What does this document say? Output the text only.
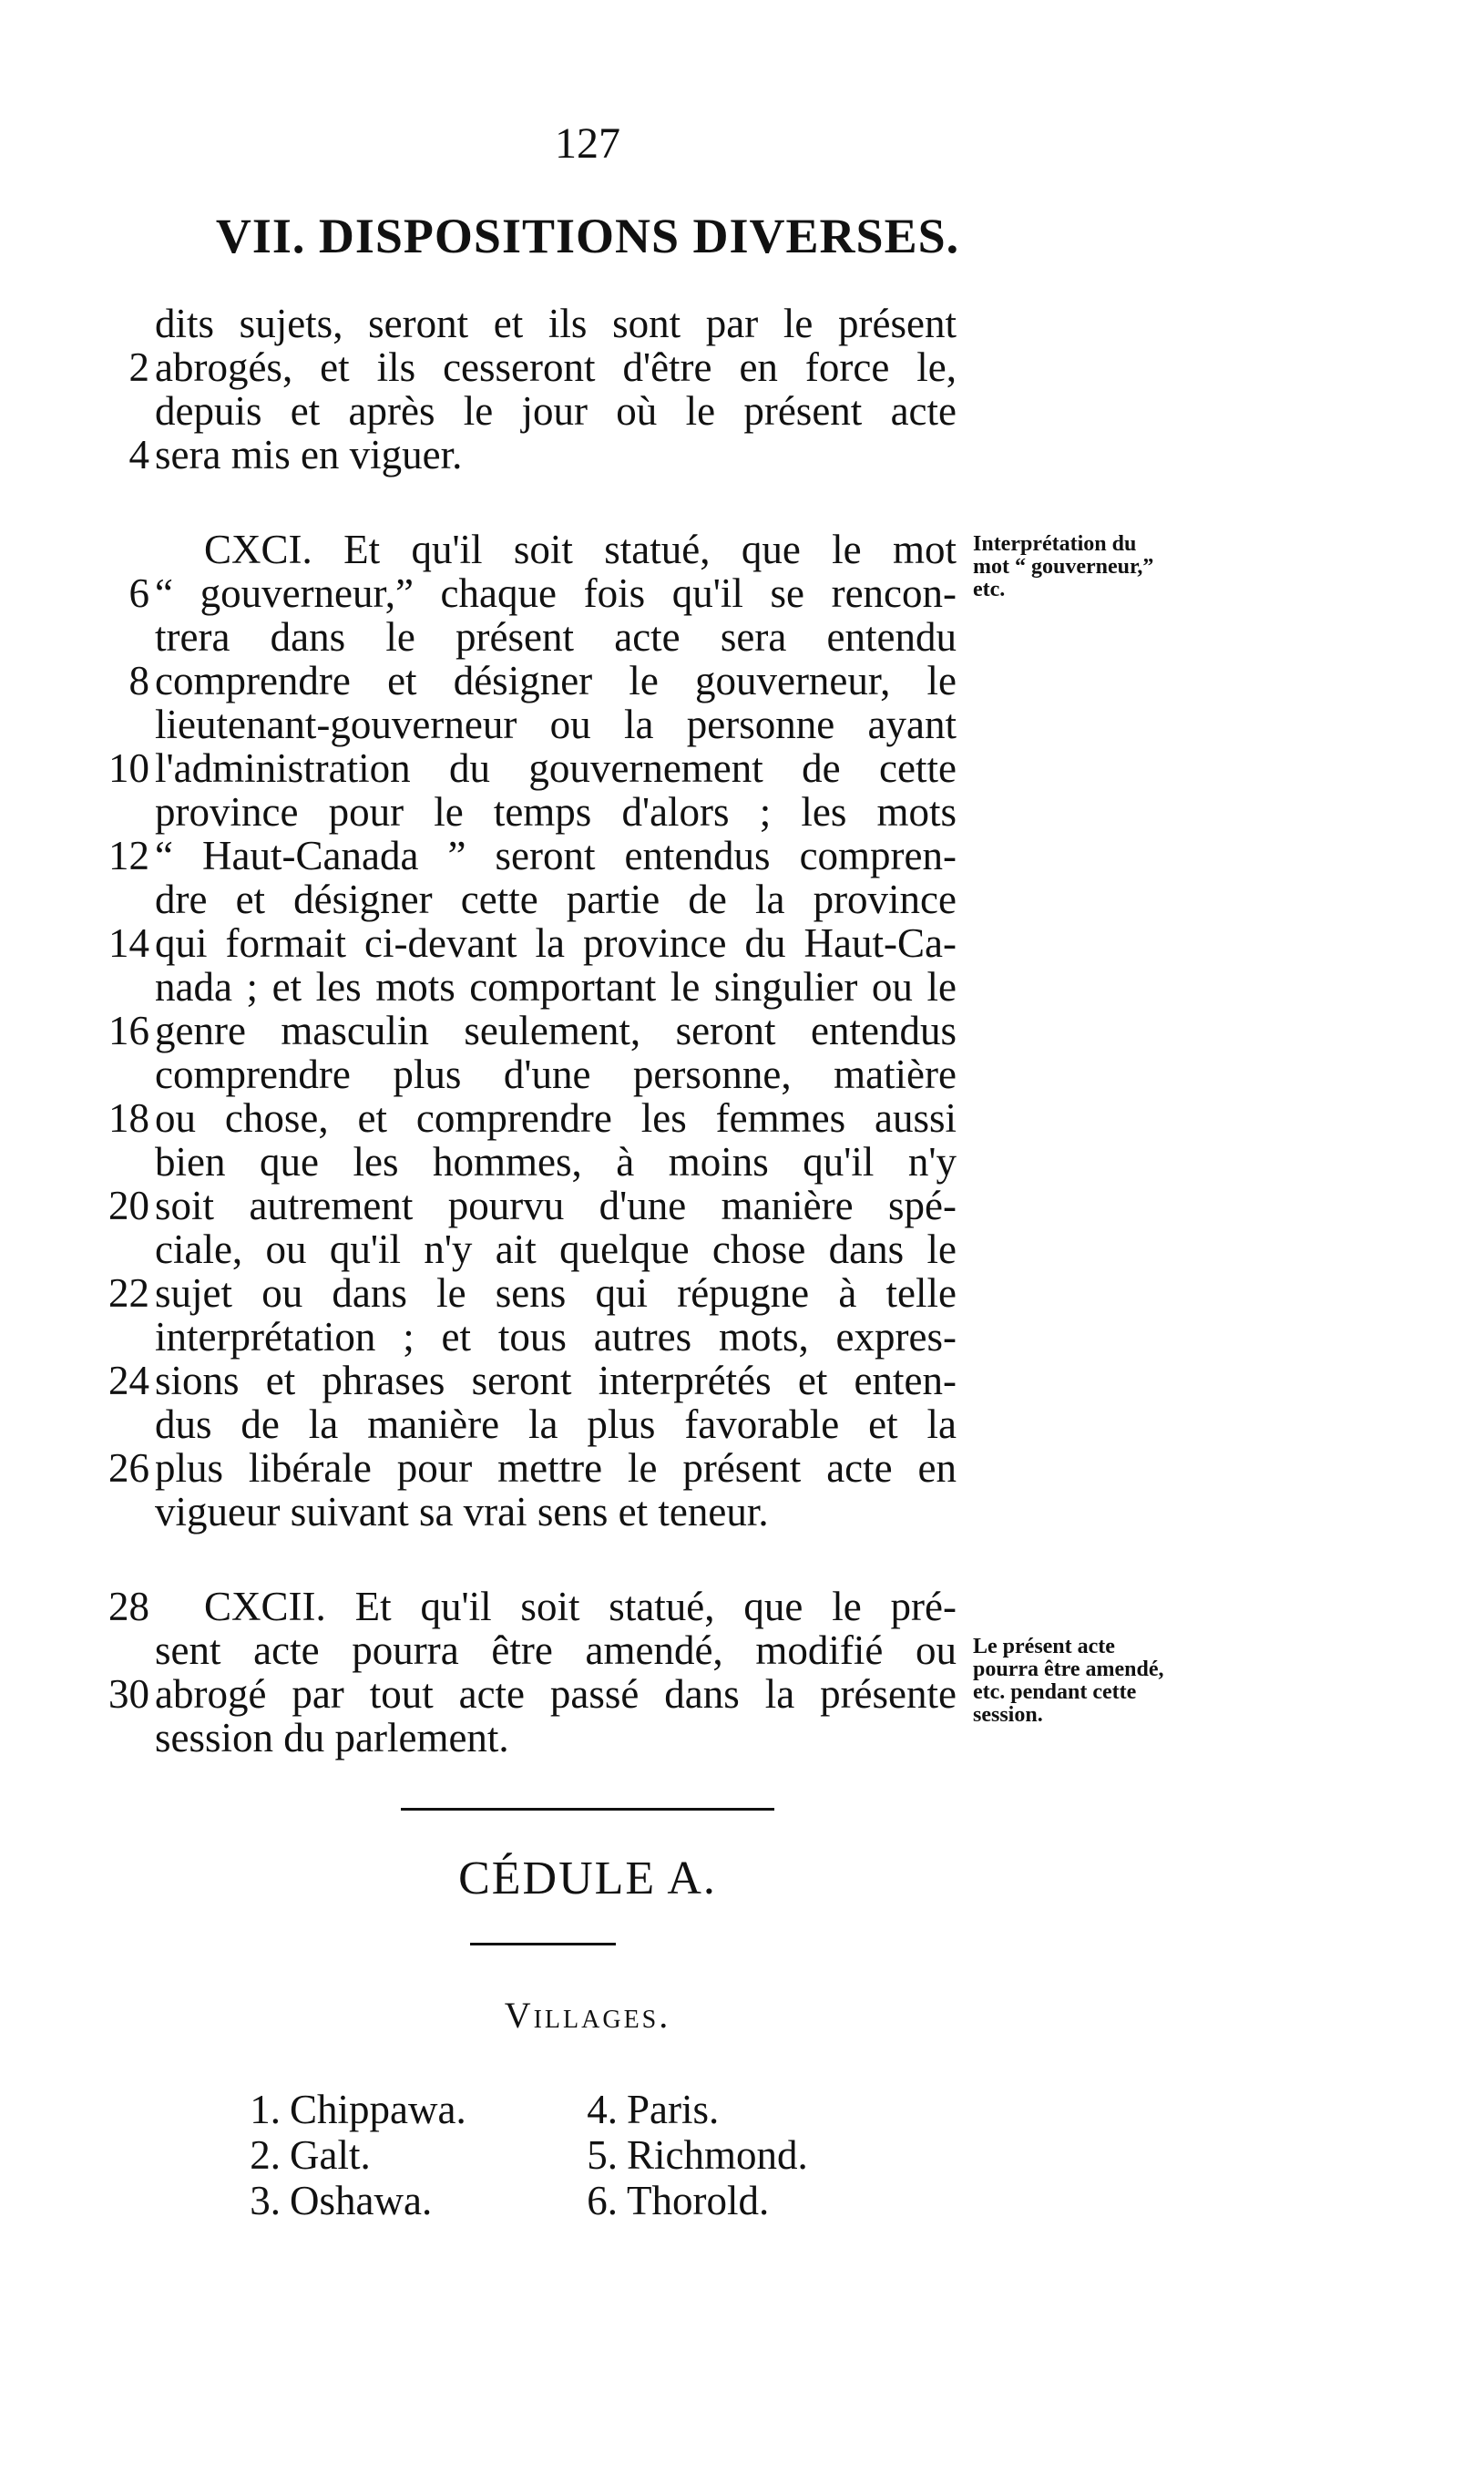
127
VII. DISPOSITIONS DIVERSES.
dits sujets, seront et ils sont par le présent
2 abrogés, et ils cesseront d'être en force le,
depuis et après le jour où le présent acte
4 sera mis en viguer.
CXCI. Et qu'il soit statué, que le mot
6 “ gouverneur,” chaque fois qu'il se rencon-
trera dans le présent acte sera entendu
8 comprendre et désigner le gouverneur, le
lieutenant-gouverneur ou la personne ayant
10 l'administration du gouvernement de cette
province pour le temps d'alors ; les mots
12 “ Haut-Canada ” seront entendus compren-
dre et désigner cette partie de la province
14 qui formait ci-devant la province du Haut-Ca-
nada ; et les mots comportant le singulier ou le
16 genre masculin seulement, seront entendus
comprendre plus d'une personne, matière
18 ou chose, et comprendre les femmes aussi
bien que les hommes, à moins qu'il n'y
20 soit autrement pourvu d'une manière spé-
ciale, ou qu'il n'y ait quelque chose dans le
22 sujet ou dans le sens qui répugne à telle
interprétation ; et tous autres mots, expres-
24 sions et phrases seront interprétés et enten-
dus de la manière la plus favorable et la
26 plus libérale pour mettre le présent acte en
vigueur suivant sa vrai sens et teneur.
28	CXCII. Et qu'il soit statué, que le pré-
sent acte pourra être amendé, modifié ou
30 abrogé par tout acte passé dans la présente
session du parlement.
Interprétation du mot “ gouverneur,” etc.
Le présent acte pourra être amendé, etc. pendant cette session.
CÉDULE A.
Villages.
1. Chippawa.
2. Galt.
3. Oshawa.
4. Paris.
5. Richmond.
6. Thorold.
